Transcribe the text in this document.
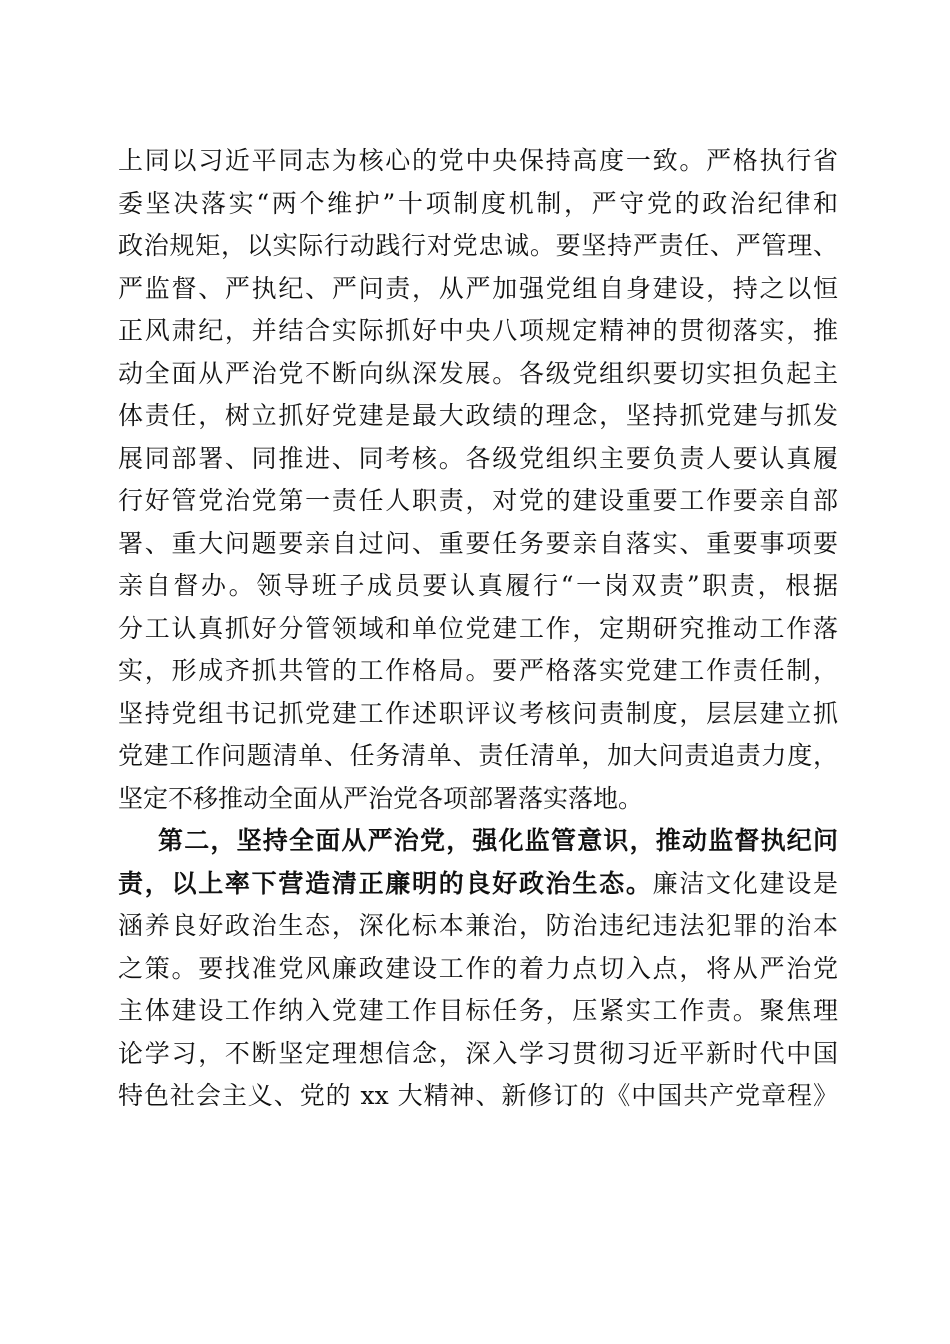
上同以习近平同志为核心的党中央保持高度一致。严格执行省
委坚决落实“两个维护”十项制度机制，严守党的政治纪律和
政治规矩，以实际行动践行对党忠诚。要坚持严责任、严管理、
严监督、严执纪、严问责，从严加强党组自身建设，持之以恒
正风肃纪，并结合实际抓好中央八项规定精神的贯彻落实，推
动全面从严治党不断向纵深发展。各级党组织要切实担负起主
体责任，树立抓好党建是最大政绩的理念，坚持抓党建与抓发
展同部署、同推进、同考核。各级党组织主要负责人要认真履
行好管党治党第一责任人职责，对党的建设重要工作要亲自部
署、重大问题要亲自过问、重要任务要亲自落实、重要事项要
亲自督办。领导班子成员要认真履行“一岗双责”职责，根据
分工认真抓好分管领域和单位党建工作，定期研究推动工作落
实，形成齐抓共管的工作格局。要严格落实党建工作责任制，
坚持党组书记抓党建工作述职评议考核问责制度，层层建立抓
党建工作问题清单、任务清单、责任清单，加大问责追责力度，
坚定不移推动全面从严治党各项部署落实落地。
第二，坚持全面从严治党，强化监管意识，推动监督执纪问
责，以上率下营造清正廉明的良好政治生态。廉洁文化建设是
涵养良好政治生态，深化标本兼治，防治违纪违法犯罪的治本
之策。要找准党风廉政建设工作的着力点切入点，将从严治党
主体建设工作纳入党建工作目标任务，压紧实工作责。聚焦理
论学习，不断坚定理想信念，深入学习贯彻习近平新时代中国
特色社会主义、党的 xx 大精神、新修订的《中国共产党章程》
